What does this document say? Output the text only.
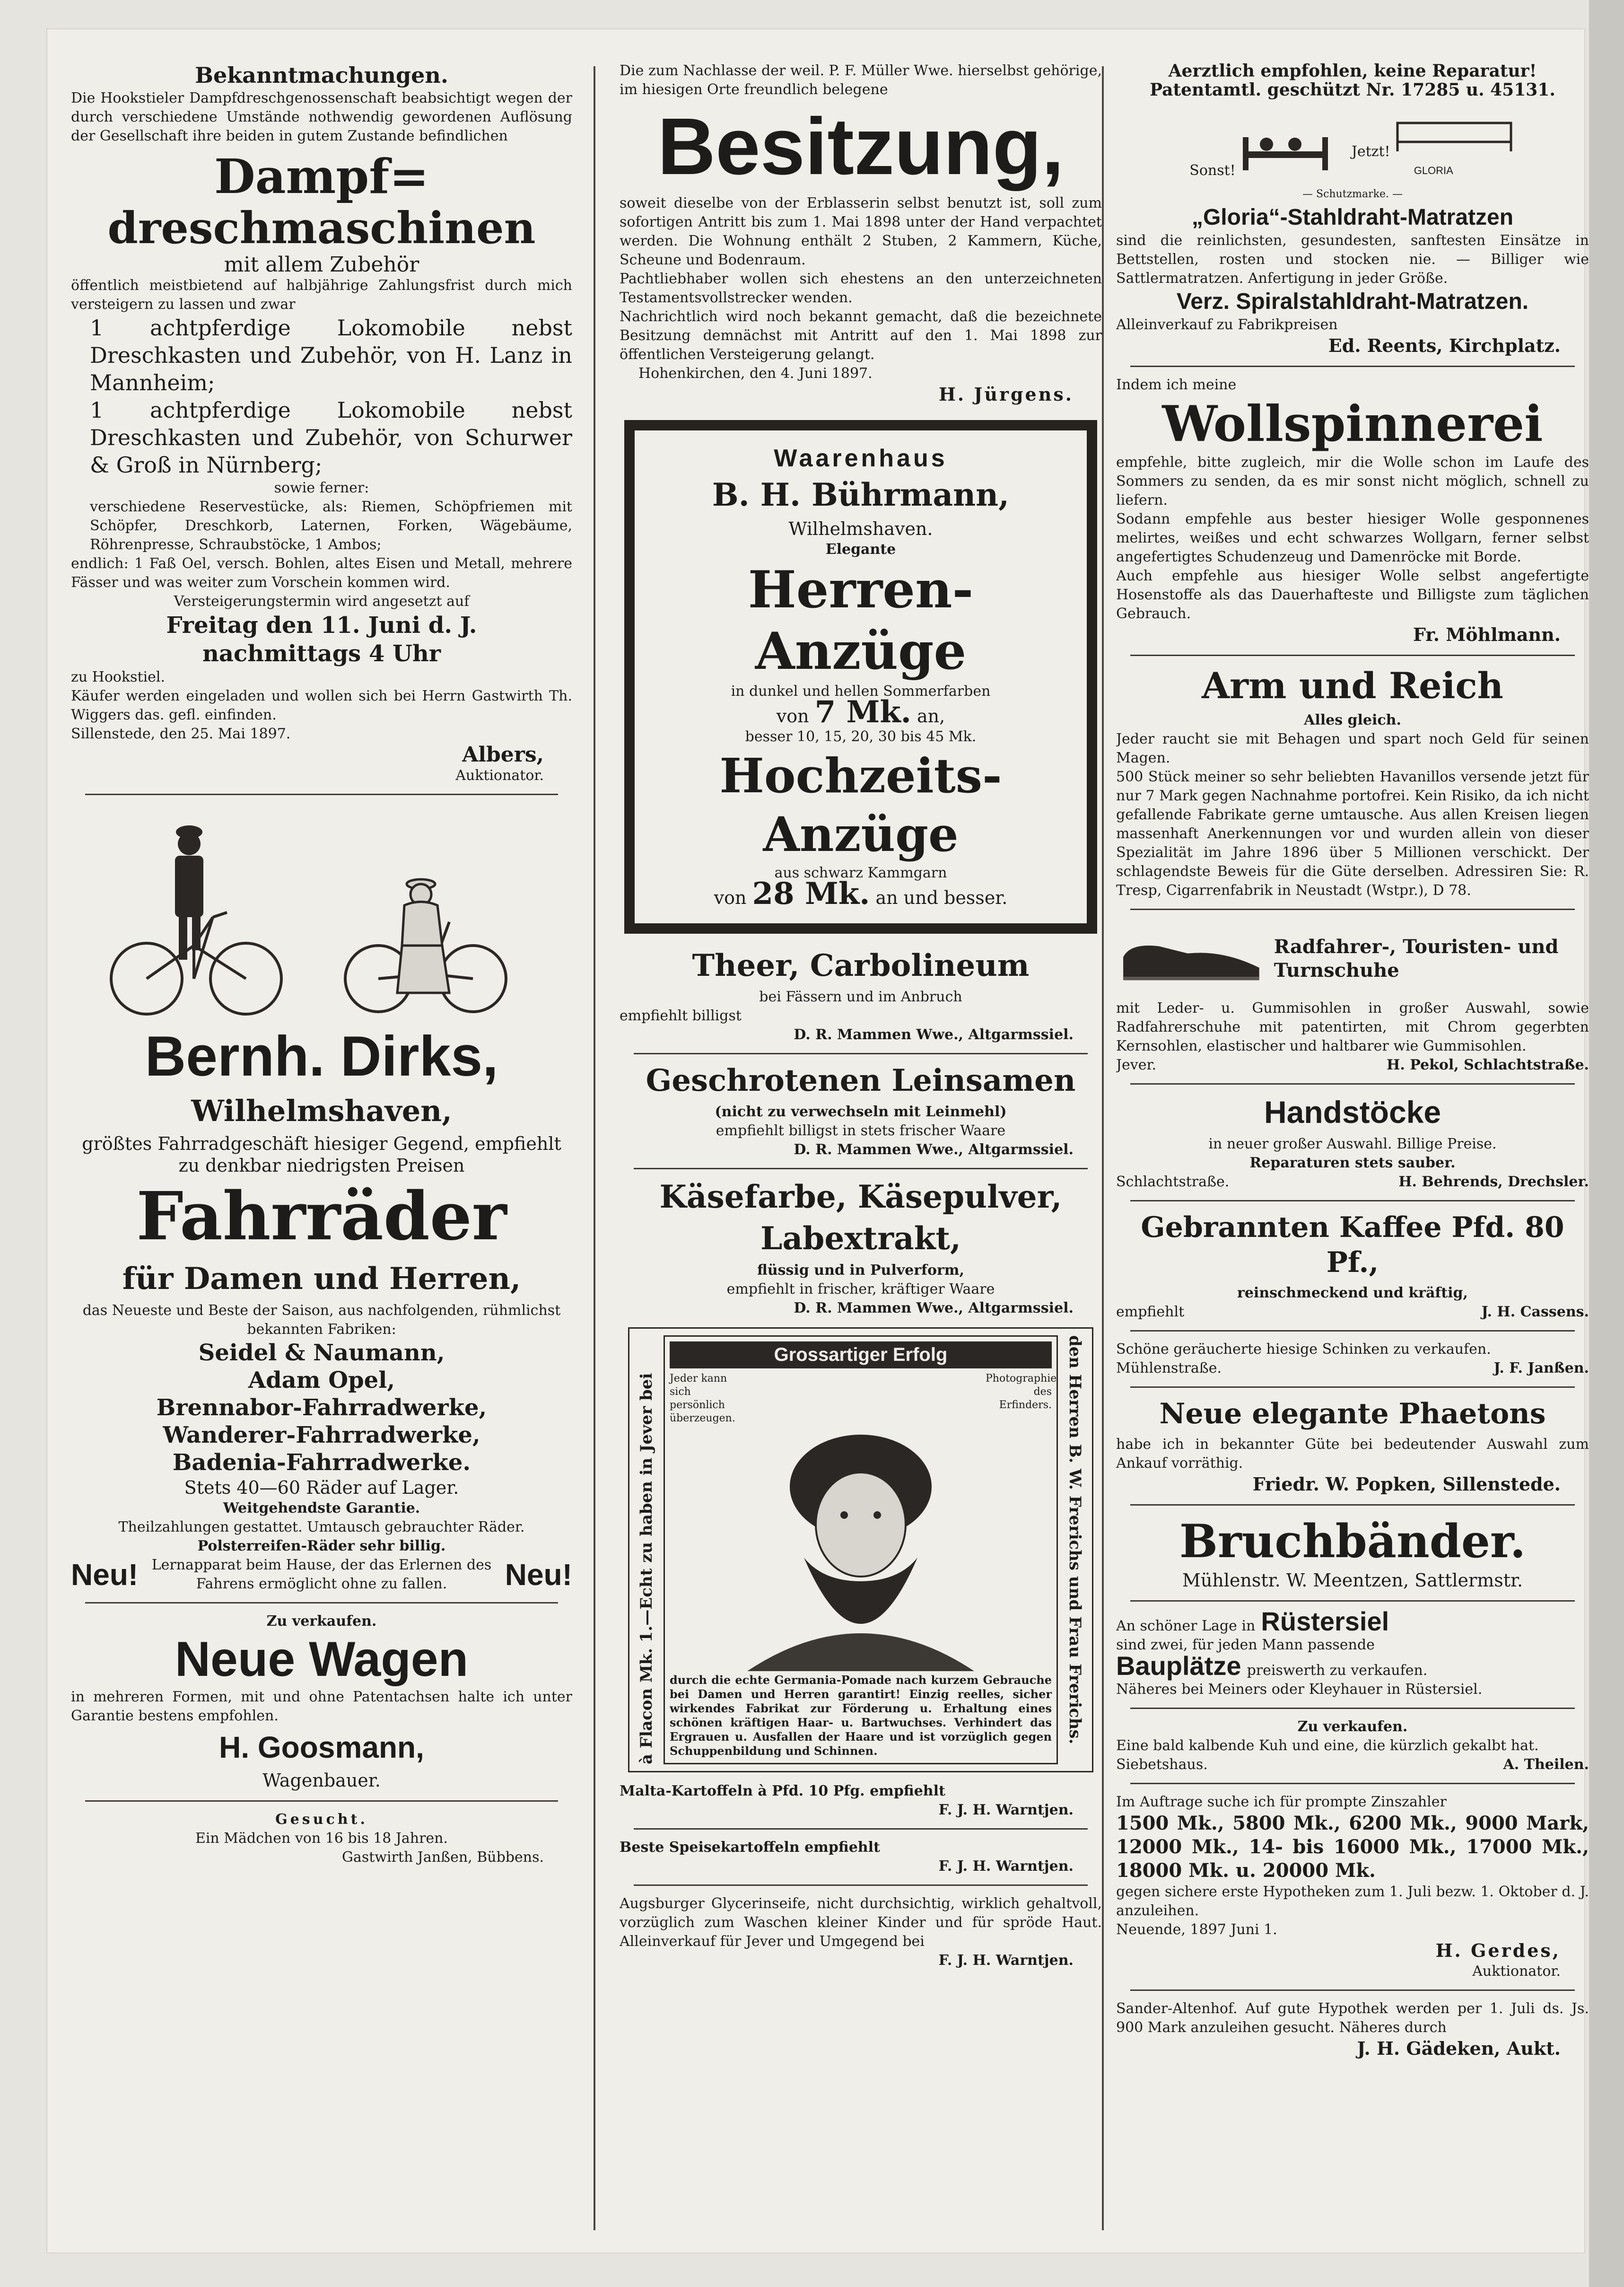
Bekanntmachungen.

Die Hookstieler Dampfdreschgenossenschaft beabsichtigt wegen der durch verschiedene Umstände nothwendig gewordenen Auflösung der Gesellschaft ihre beiden in gutem Zustande befindlichen

Dampf=

dreschmaschinen

mit allem Zubehör

öffentlich meistbietend auf halbjährige Zahlungsfrist durch mich versteigern zu lassen und zwar

1 achtpferdige Lokomobile nebst Dreschkasten und Zubehör, von H. Lanz in Mannheim;

1 achtpferdige Lokomobile nebst Dreschkasten und Zubehör, von Schurwer & Groß in Nürnberg;

sowie ferner:

verschiedene Reservestücke, als: Riemen, Schöpfriemen mit Schöpfer, Dreschkorb, Laternen, Forken, Wägebäume, Röhrenpresse, Schraubstöcke, 1 Ambos;

endlich: 1 Faß Oel, versch. Bohlen, altes Eisen und Metall, mehrere Fässer und was weiter zum Vorschein kommen wird.

Versteigerungstermin wird angesetzt auf

Freitag den 11. Juni d. J.

nachmittags 4 Uhr

zu Hookstiel.

Käufer werden eingeladen und wollen sich bei Herrn Gastwirth Th. Wiggers das. gefl. einfinden.

Sillenstede, den 25. Mai 1897.

Albers,

Auktionator.

Bernh. Dirks,

Wilhelmshaven,

größtes Fahrradgeschäft hiesiger Gegend, empfiehlt zu denkbar niedrigsten Preisen

Fahrräder

für Damen und Herren,

das Neueste und Beste der Saison, aus nachfolgenden, rühmlichst bekannten Fabriken:

Seidel & Naumann,

Adam Opel,

Brennabor-Fahrradwerke,

Wanderer-Fahrradwerke,

Badenia-Fahrradwerke.

Stets 40—60 Räder auf Lager.

Weitgehendste Garantie.

Theilzahlungen gestattet. Umtausch gebrauchter Räder.

Polsterreifen-Räder sehr billig.

Neu! Lernapparat beim Hause, der das Erlernen des Fahrens ermöglicht ohne zu fallen.	Neu!

Zu verkaufen.

Neue Wagen

in mehreren Formen, mit und ohne Patentachsen halte ich unter Garantie bestens empfohlen.

H. Goosmann,

Wagenbauer.

Gesucht.

Ein Mädchen von 16 bis 18 Jahren.

Gastwirth Janßen, Bübbens.

Die zum Nachlasse der weil. P. F. Müller Wwe. hierselbst gehörige, im hiesigen Orte freundlich belegene

Besitzung,

soweit dieselbe von der Erblasserin selbst benutzt ist, soll zum sofortigen Antritt bis zum 1. Mai 1898 unter der Hand verpachtet werden. Die Wohnung enthält 2 Stuben, 2 Kammern, Küche, Scheune und Bodenraum.

Pachtliebhaber wollen sich ehestens an den unterzeichneten Testamentsvollstrecker wenden.

Nachrichtlich wird noch bekannt gemacht, daß die bezeichnete Besitzung demnächst mit Antritt auf den 1. Mai 1898 zur öffentlichen Versteigerung gelangt.

Hohenkirchen, den 4. Juni 1897.

H. Jürgens.

Waarenhaus

B. H. Bührmann,

Wilhelmshaven.

Elegante

Herren-Anzüge

in dunkel und hellen Sommerfarben

von 7 Mk. an,

besser 10, 15, 20, 30 bis 45 Mk.

Hochzeits-Anzüge

aus schwarz Kammgarn

von 28 Mk. an und besser.

Theer, Carbolineum

bei Fässern und im Anbruch

empfiehlt billigst

D. R. Mammen Wwe., Altgarmssiel.

Geschrotenen Leinsamen

(nicht zu verwechseln mit Leinmehl)

empfiehlt billigst in stets frischer Waare

D. R. Mammen Wwe., Altgarmssiel.

Käsefarbe, Käsepulver,

Labextrakt,

flüssig und in Pulverform,

empfiehlt in frischer, kräftiger Waare

D. R. Mammen Wwe., Altgarmssiel.

à Flacon Mk. 1.—Echt zu haben in Jever bei
Grossartiger Erfolg
Jeder kann sich persönlich überzeugen.
Photographie des Erfinders.

durch die echte Germania-Pomade nach kurzem Gebrauche bei Damen und Herren garantirt! Einzig reelles, sicher wirkendes Fabrikat zur Förderung u. Erhaltung eines schönen kräftigen Haar- u. Bartwuchses. Verhindert das Ergrauen u. Ausfallen der Haare und ist vorzüglich gegen Schuppenbildung und Schinnen.

den Herren B. W. Frerichs und Frau Frerichs.

Malta-Kartoffeln à Pfd. 10 Pfg. empfiehlt

F. J. H. Warntjen.

Beste Speisekartoffeln empfiehlt

F. J. H. Warntjen.

Augsburger Glycerinseife, nicht durchsichtig, wirklich gehaltvoll, vorzüglich zum Waschen kleiner Kinder und für spröde Haut. Alleinverkauf für Jever und Umgegend bei

F. J. H. Warntjen.

Aerztlich empfohlen, keine Reparatur!

Patentamtl. geschützt Nr. 17285 u. 45131.

Sonst!
Jetzt!
GLORIA

— Schutzmarke. —

„Gloria“-Stahldraht-Matratzen

sind die reinlichsten, gesundesten, sanftesten Einsätze in Bettstellen, rosten und stocken nie. — Billiger wie Sattlermatratzen. Anfertigung in jeder Größe.

Verz. Spiralstahldraht-Matratzen.

Alleinverkauf zu Fabrikpreisen

Ed. Reents, Kirchplatz.

Indem ich meine

Wollspinnerei

empfehle, bitte zugleich, mir die Wolle schon im Laufe des Sommers zu senden, da es mir sonst nicht möglich, schnell zu liefern.

Sodann empfehle aus bester hiesiger Wolle gesponnenes melirtes, weißes und echt schwarzes Wollgarn, ferner selbst angefertigtes Schudenzeug und Damenröcke mit Borde.

Auch empfehle aus hiesiger Wolle selbst angefertigte Hosenstoffe als das Dauerhafteste und Billigste zum täglichen Gebrauch.

Fr. Möhlmann.

Arm und Reich

Alles gleich.

Jeder raucht sie mit Behagen und spart noch Geld für seinen Magen.

500 Stück meiner so sehr beliebten Havanillos versende jetzt für nur 7 Mark gegen Nachnahme portofrei. Kein Risiko, da ich nicht gefallende Fabrikate gerne umtausche. Aus allen Kreisen liegen massenhaft Anerkennungen vor und wurden allein von dieser Spezialität im Jahre 1896 über 5 Millionen verschickt. Der schlagendste Beweis für die Güte derselben. Adressiren Sie: R. Tresp, Cigarrenfabrik in Neustadt (Wstpr.), D 78.

Radfahrer-, Touristen- und Turnschuhe

mit Leder- u. Gummisohlen in großer Auswahl, sowie Radfahrerschuhe mit patentirten, mit Chrom gegerbten Kernsohlen, elastischer und haltbarer wie Gummisohlen.

Jever.	H. Pekol, Schlachtstraße.

Handstöcke

in neuer großer Auswahl. Billige Preise.

Reparaturen stets sauber.

Schlachtstraße.	H. Behrends, Drechsler.

Gebrannten Kaffee Pfd. 80 Pf.,

reinschmeckend und kräftig,

empfiehlt	J. H. Cassens.

Schöne geräucherte hiesige Schinken zu verkaufen.

Mühlenstraße.	J. F. Janßen.

Neue elegante Phaetons

habe ich in bekannter Güte bei bedeutender Auswahl zum Ankauf vorräthig.

Friedr. W. Popken, Sillenstede.

Bruchbänder.

Mühlenstr. W. Meentzen, Sattlermstr.

An schöner Lage in Rüstersiel

sind zwei, für jeden Mann passende

Bauplätze preiswerth zu verkaufen.

Näheres bei Meiners oder Kleyhauer in Rüstersiel.

Zu verkaufen.

Eine bald kalbende Kuh und eine, die kürzlich gekalbt hat.

Siebetshaus.	A. Theilen.

Im Auftrage suche ich für prompte Zinszahler

1500 Mk., 5800 Mk., 6200 Mk., 9000 Mark, 12000 Mk., 14- bis 16000 Mk., 17000 Mk., 18000 Mk. u. 20000 Mk.

gegen sichere erste Hypotheken zum 1. Juli bezw. 1. Oktober d. J. anzuleihen.

Neuende, 1897 Juni 1.

H. Gerdes,

Auktionator.

Sander-Altenhof. Auf gute Hypothek werden per 1. Juli ds. Js. 900 Mark anzuleihen gesucht. Näheres durch

J. H. Gädeken, Aukt.
